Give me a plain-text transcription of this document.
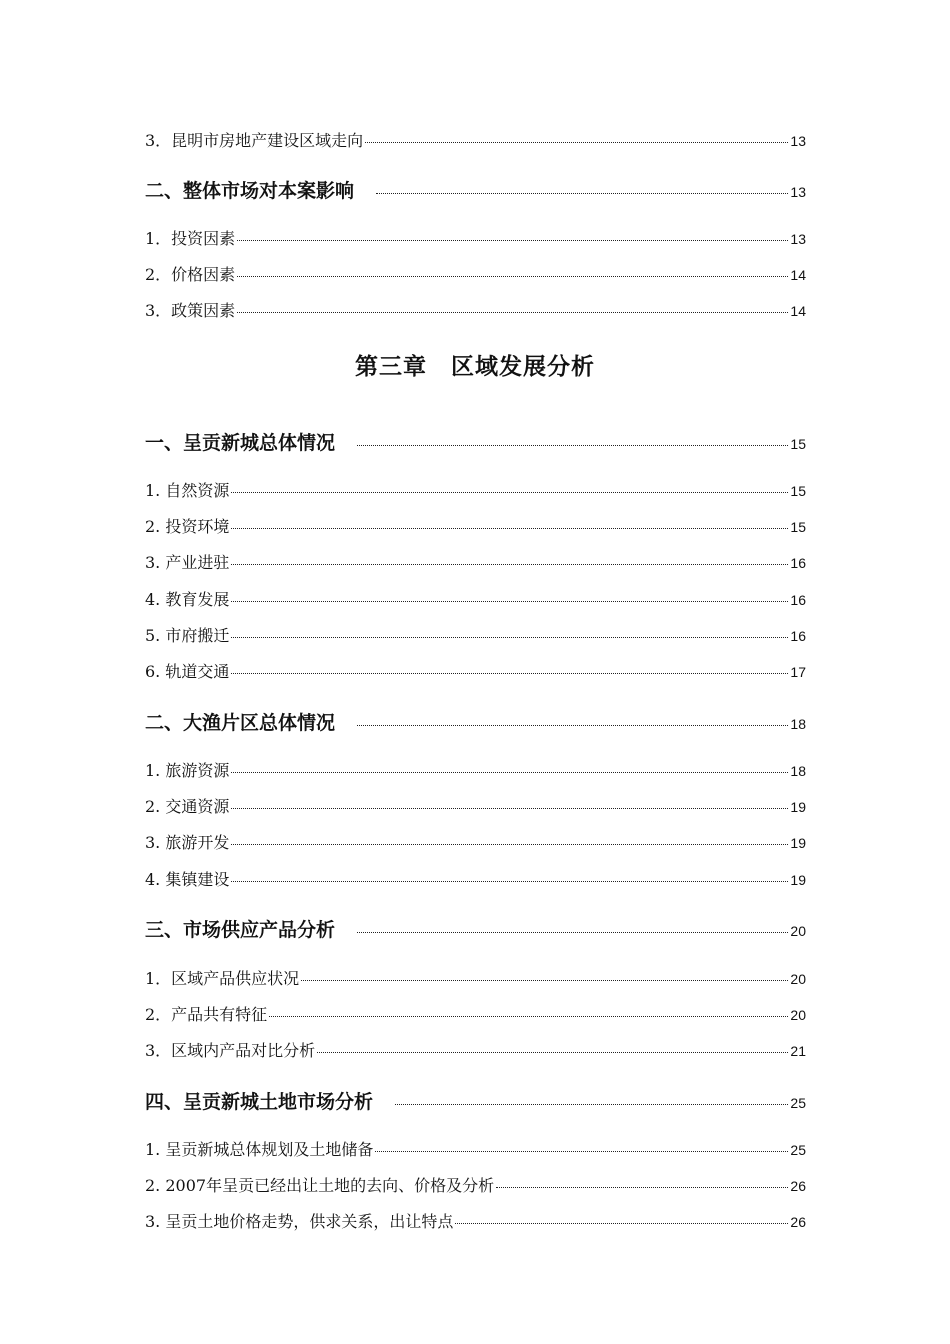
3．昆明市房地产建设区域走向	13
二、整体市场对本案影响	13
1．投资因素	13
2．价格因素	14
3．政策因素	14
第三章　区域发展分析
一、呈贡新城总体情况	15
1. 自然资源	15
2. 投资环境	15
3. 产业进驻	16
4. 教育发展	16
5. 市府搬迁	16
6. 轨道交通	17
二、大渔片区总体情况	18
1. 旅游资源	18
2. 交通资源	19
3. 旅游开发	19
4. 集镇建设	19
三、市场供应产品分析	20
1．区域产品供应状况	20
2．产品共有特征	20
3．区域内产品对比分析	21
四、呈贡新城土地市场分析	25
1. 呈贡新城总体规划及土地储备	25
2. 2007年呈贡已经出让土地的去向、价格及分析	26
3. 呈贡土地价格走势，供求关系，出让特点	26
